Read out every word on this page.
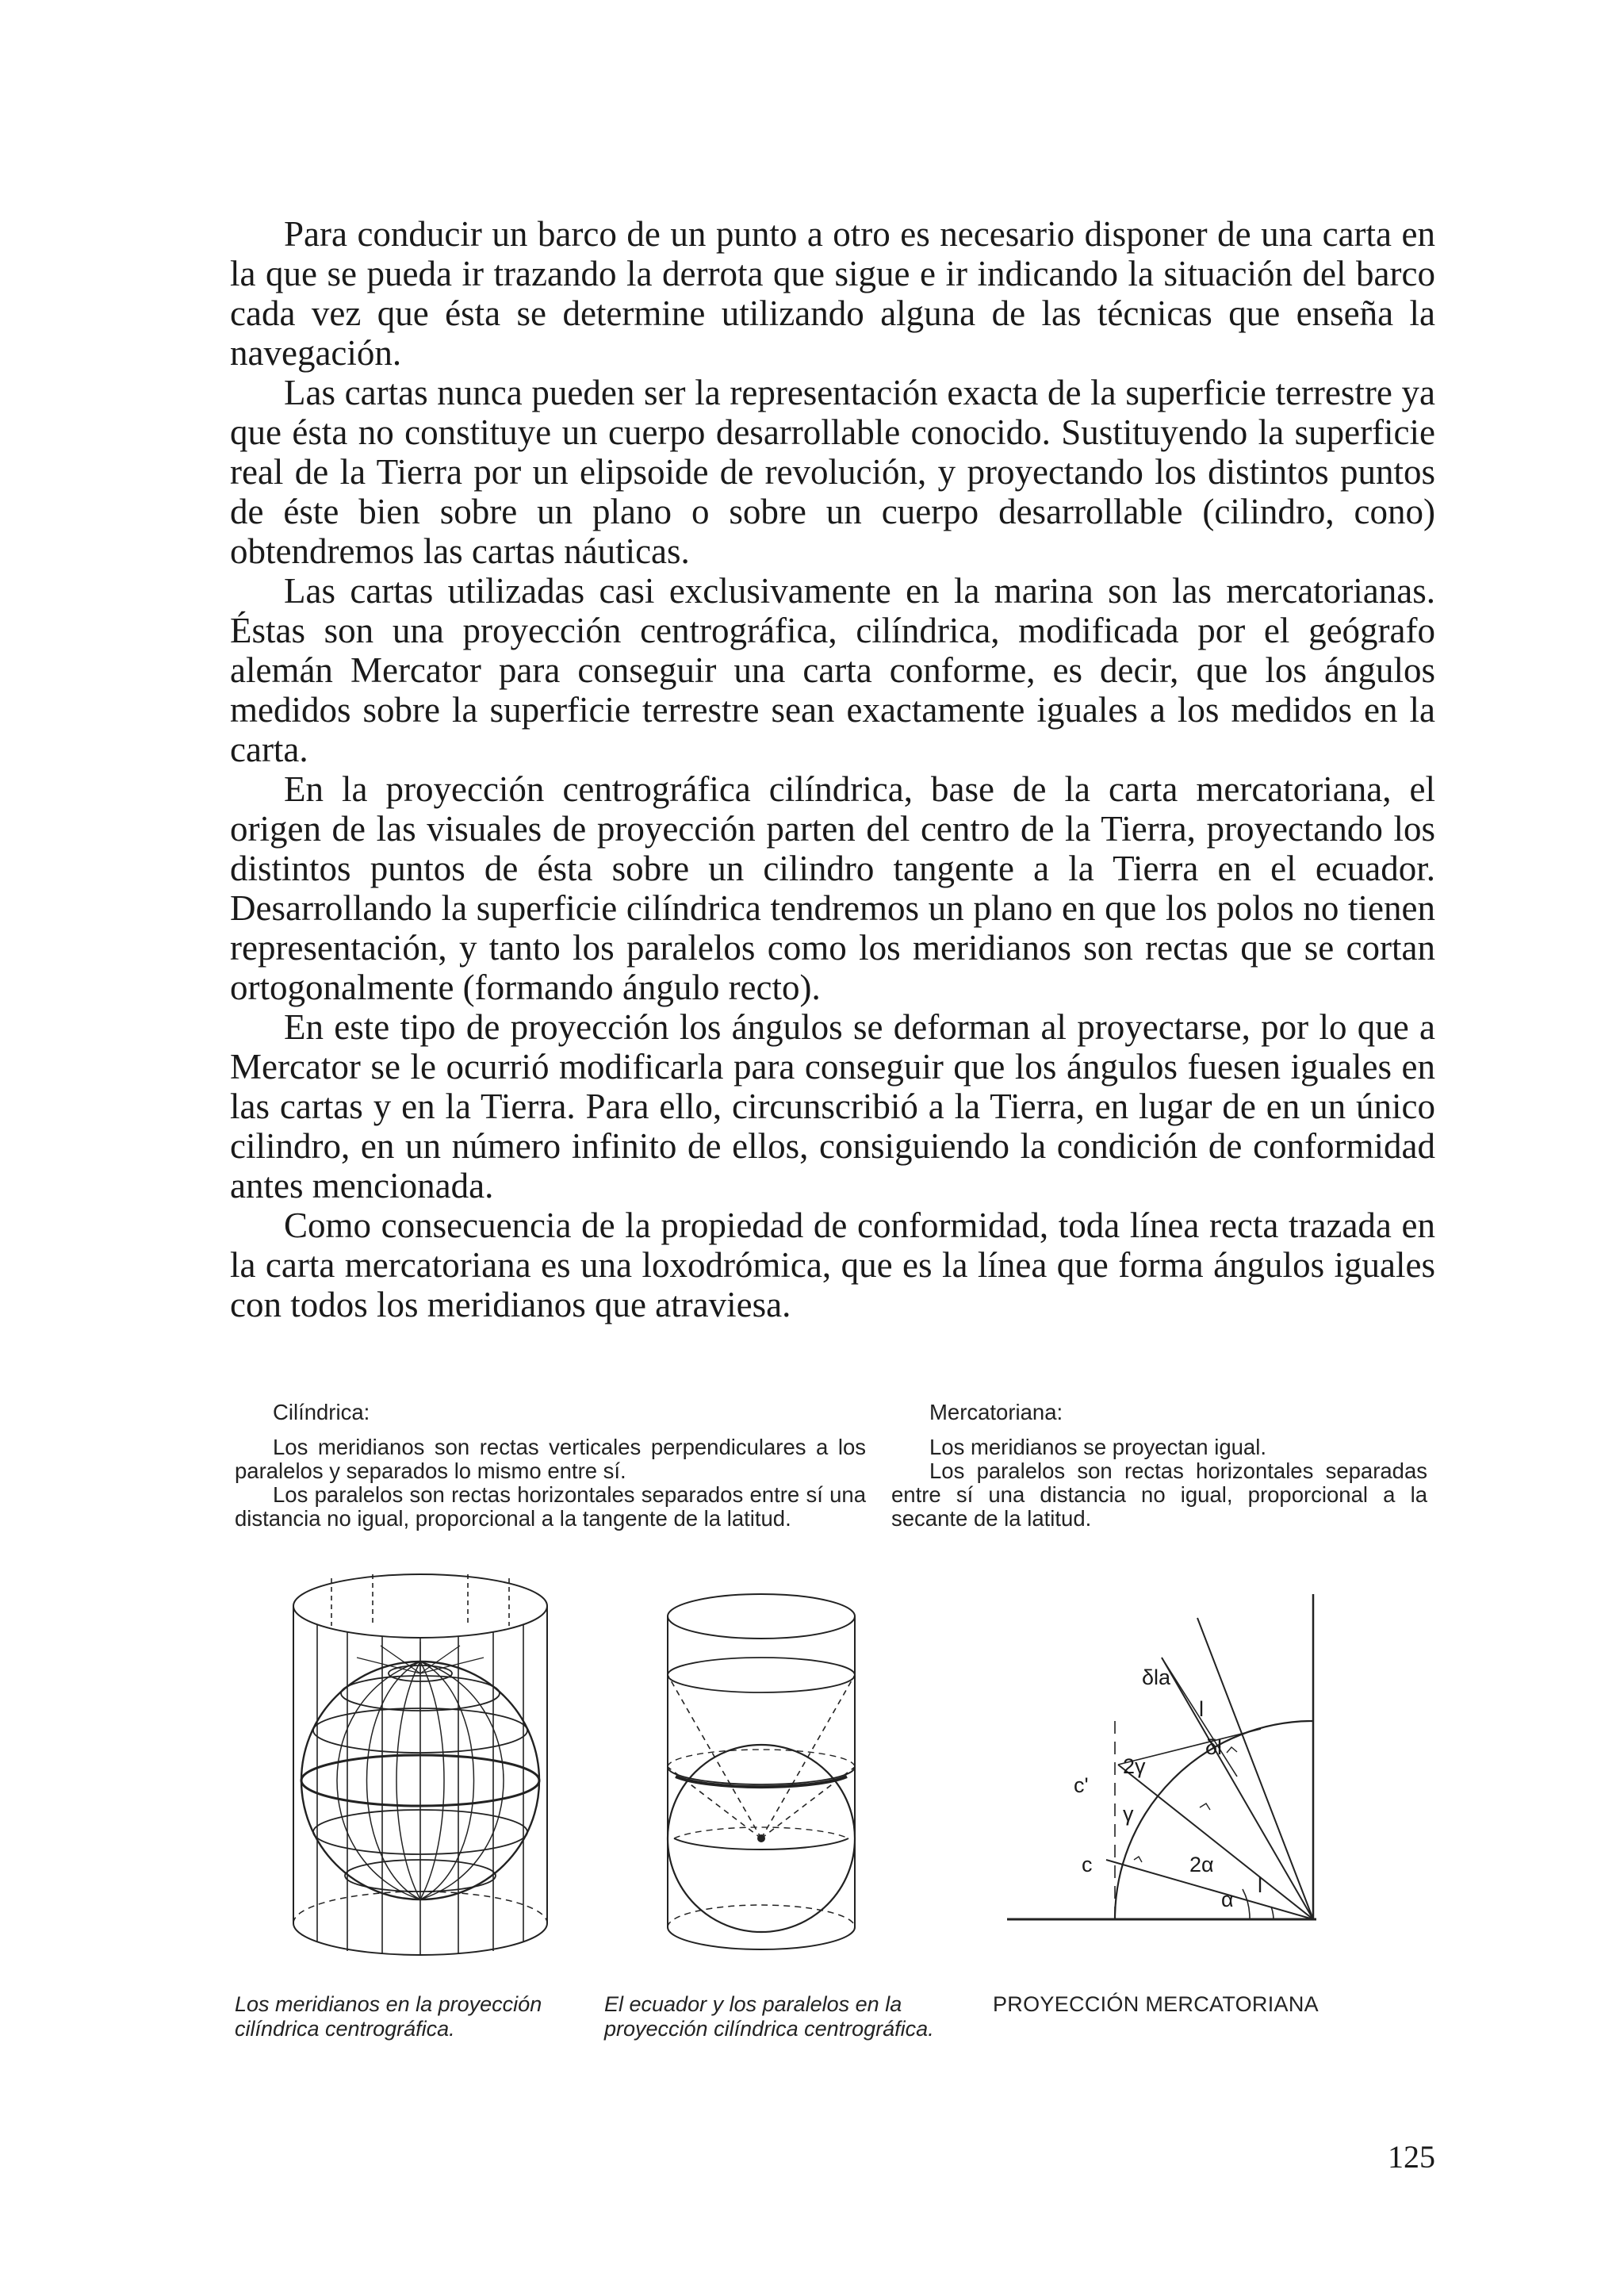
Para conducir un barco de un punto a otro es necesario disponer de una carta en la que se pueda ir trazando la derrota que sigue e ir indicando la situación del barco cada vez que ésta se determine utilizando alguna de las técnicas que enseña la navegación.

Las cartas nunca pueden ser la representación exacta de la superficie terrestre ya que ésta no constituye un cuerpo desarrollable conocido. Sustituyendo la superficie real de la Tierra por un elipsoide de revolución, y proyectando los distintos puntos de éste bien sobre un plano o sobre un cuerpo desarrollable (cilindro, cono) obtendremos las cartas náuticas.

Las cartas utilizadas casi exclusivamente en la marina son las mercatorianas. Éstas son una proyección centrográfica, cilíndrica, modificada por el geógrafo alemán Mercator para conseguir una carta conforme, es decir, que los ángulos medidos sobre la superficie terrestre sean exactamente iguales a los medidos en la carta.

En la proyección centrográfica cilíndrica, base de la carta mercatoriana, el origen de las visuales de proyección parten del centro de la Tierra, proyectando los distintos puntos de ésta sobre un cilindro tangente a la Tierra en el ecuador. Desarrollando la superficie cilíndrica tendremos un plano en que los polos no tienen representación, y tanto los paralelos como los meridianos son rectas que se cortan ortogonalmente (formando ángulo recto).

En este tipo de proyección los ángulos se deforman al proyectarse, por lo que a Mercator se le ocurrió modificarla para conseguir que los ángulos fuesen iguales en las cartas y en la Tierra. Para ello, circunscribió a la Tierra, en lugar de en un único cilindro, en un número infinito de ellos, consiguiendo la condición de conformidad antes mencionada.

Como consecuencia de la propiedad de conformidad, toda línea recta trazada en la carta mercatoriana es una loxodrómica, que es la línea que forma ángulos iguales con todos los meridianos que atraviesa.

Cilíndrica:

Los meridianos son rectas verticales perpendiculares a los paralelos y separados lo mismo entre sí.

Los paralelos son rectas horizontales separados entre sí una distancia no igual, proporcional a la tangente de la latitud.

Mercatoriana:

Los meridianos se proyectan igual.

Los paralelos son rectas horizontales separadas entre sí una distancia no igual, proporcional a la secante de la latitud.

δla
l
δl
2γ
c'
γ
c	2α
l
α
Los meridianos en la proyección cilíndrica centrográfica.
El ecuador y los paralelos en la proyección cilíndrica centrográfica.
PROYECCIÓN MERCATORIANA
125
